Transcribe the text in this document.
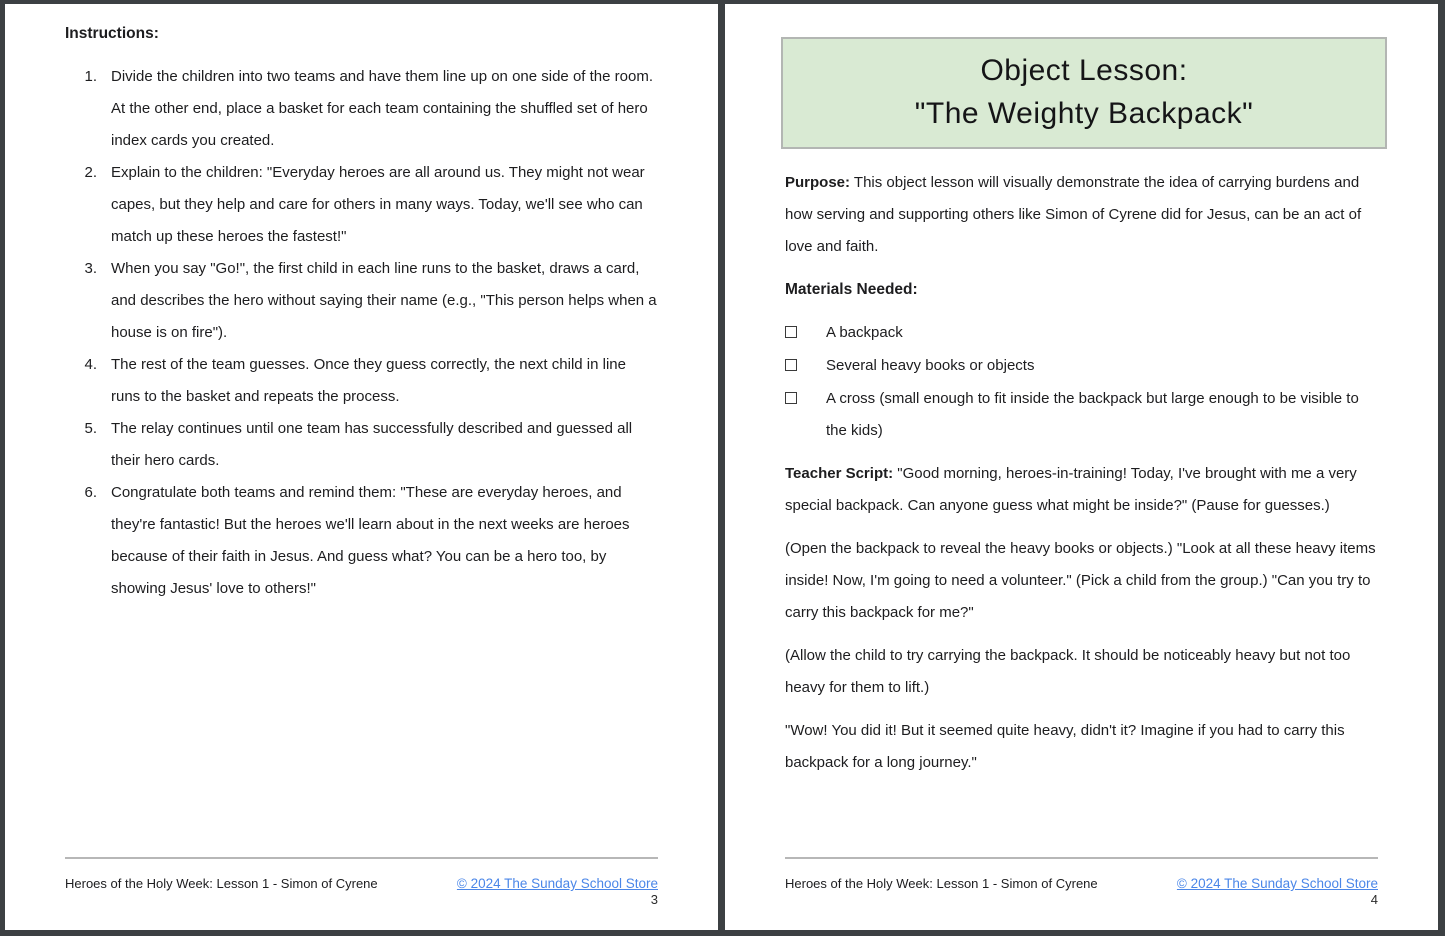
Instructions:
1. Divide the children into two teams and have them line up on one side of the room. At the other end, place a basket for each team containing the shuffled set of hero index cards you created.
2. Explain to the children: "Everyday heroes are all around us. They might not wear capes, but they help and care for others in many ways. Today, we'll see who can match up these heroes the fastest!"
3. When you say "Go!", the first child in each line runs to the basket, draws a card, and describes the hero without saying their name (e.g., "This person helps when a house is on fire").
4. The rest of the team guesses. Once they guess correctly, the next child in line runs to the basket and repeats the process.
5. The relay continues until one team has successfully described and guessed all their hero cards.
6. Congratulate both teams and remind them: "These are everyday heroes, and they're fantastic! But the heroes we'll learn about in the next weeks are heroes because of their faith in Jesus. And guess what? You can be a hero too, by showing Jesus' love to others!"
Heroes of the Holy Week: Lesson 1 - Simon of Cyrene	© 2024 The Sunday School Store
3
Object Lesson:
"The Weighty Backpack"

Purpose: This object lesson will visually demonstrate the idea of carrying burdens and how serving and supporting others like Simon of Cyrene did for Jesus, can be an act of love and faith.

Materials Needed:
A backpack
Several heavy books or objects
A cross (small enough to fit inside the backpack but large enough to be visible to the kids)

Teacher Script: "Good morning, heroes-in-training! Today, I've brought with me a very special backpack. Can anyone guess what might be inside?" (Pause for guesses.)

(Open the backpack to reveal the heavy books or objects.) "Look at all these heavy items inside! Now, I'm going to need a volunteer." (Pick a child from the group.) "Can you try to carry this backpack for me?"

(Allow the child to try carrying the backpack. It should be noticeably heavy but not too heavy for them to lift.)

"Wow! You did it! But it seemed quite heavy, didn't it? Imagine if you had to carry this backpack for a long journey."

Heroes of the Holy Week: Lesson 1 - Simon of Cyrene	© 2024 The Sunday School Store
4
